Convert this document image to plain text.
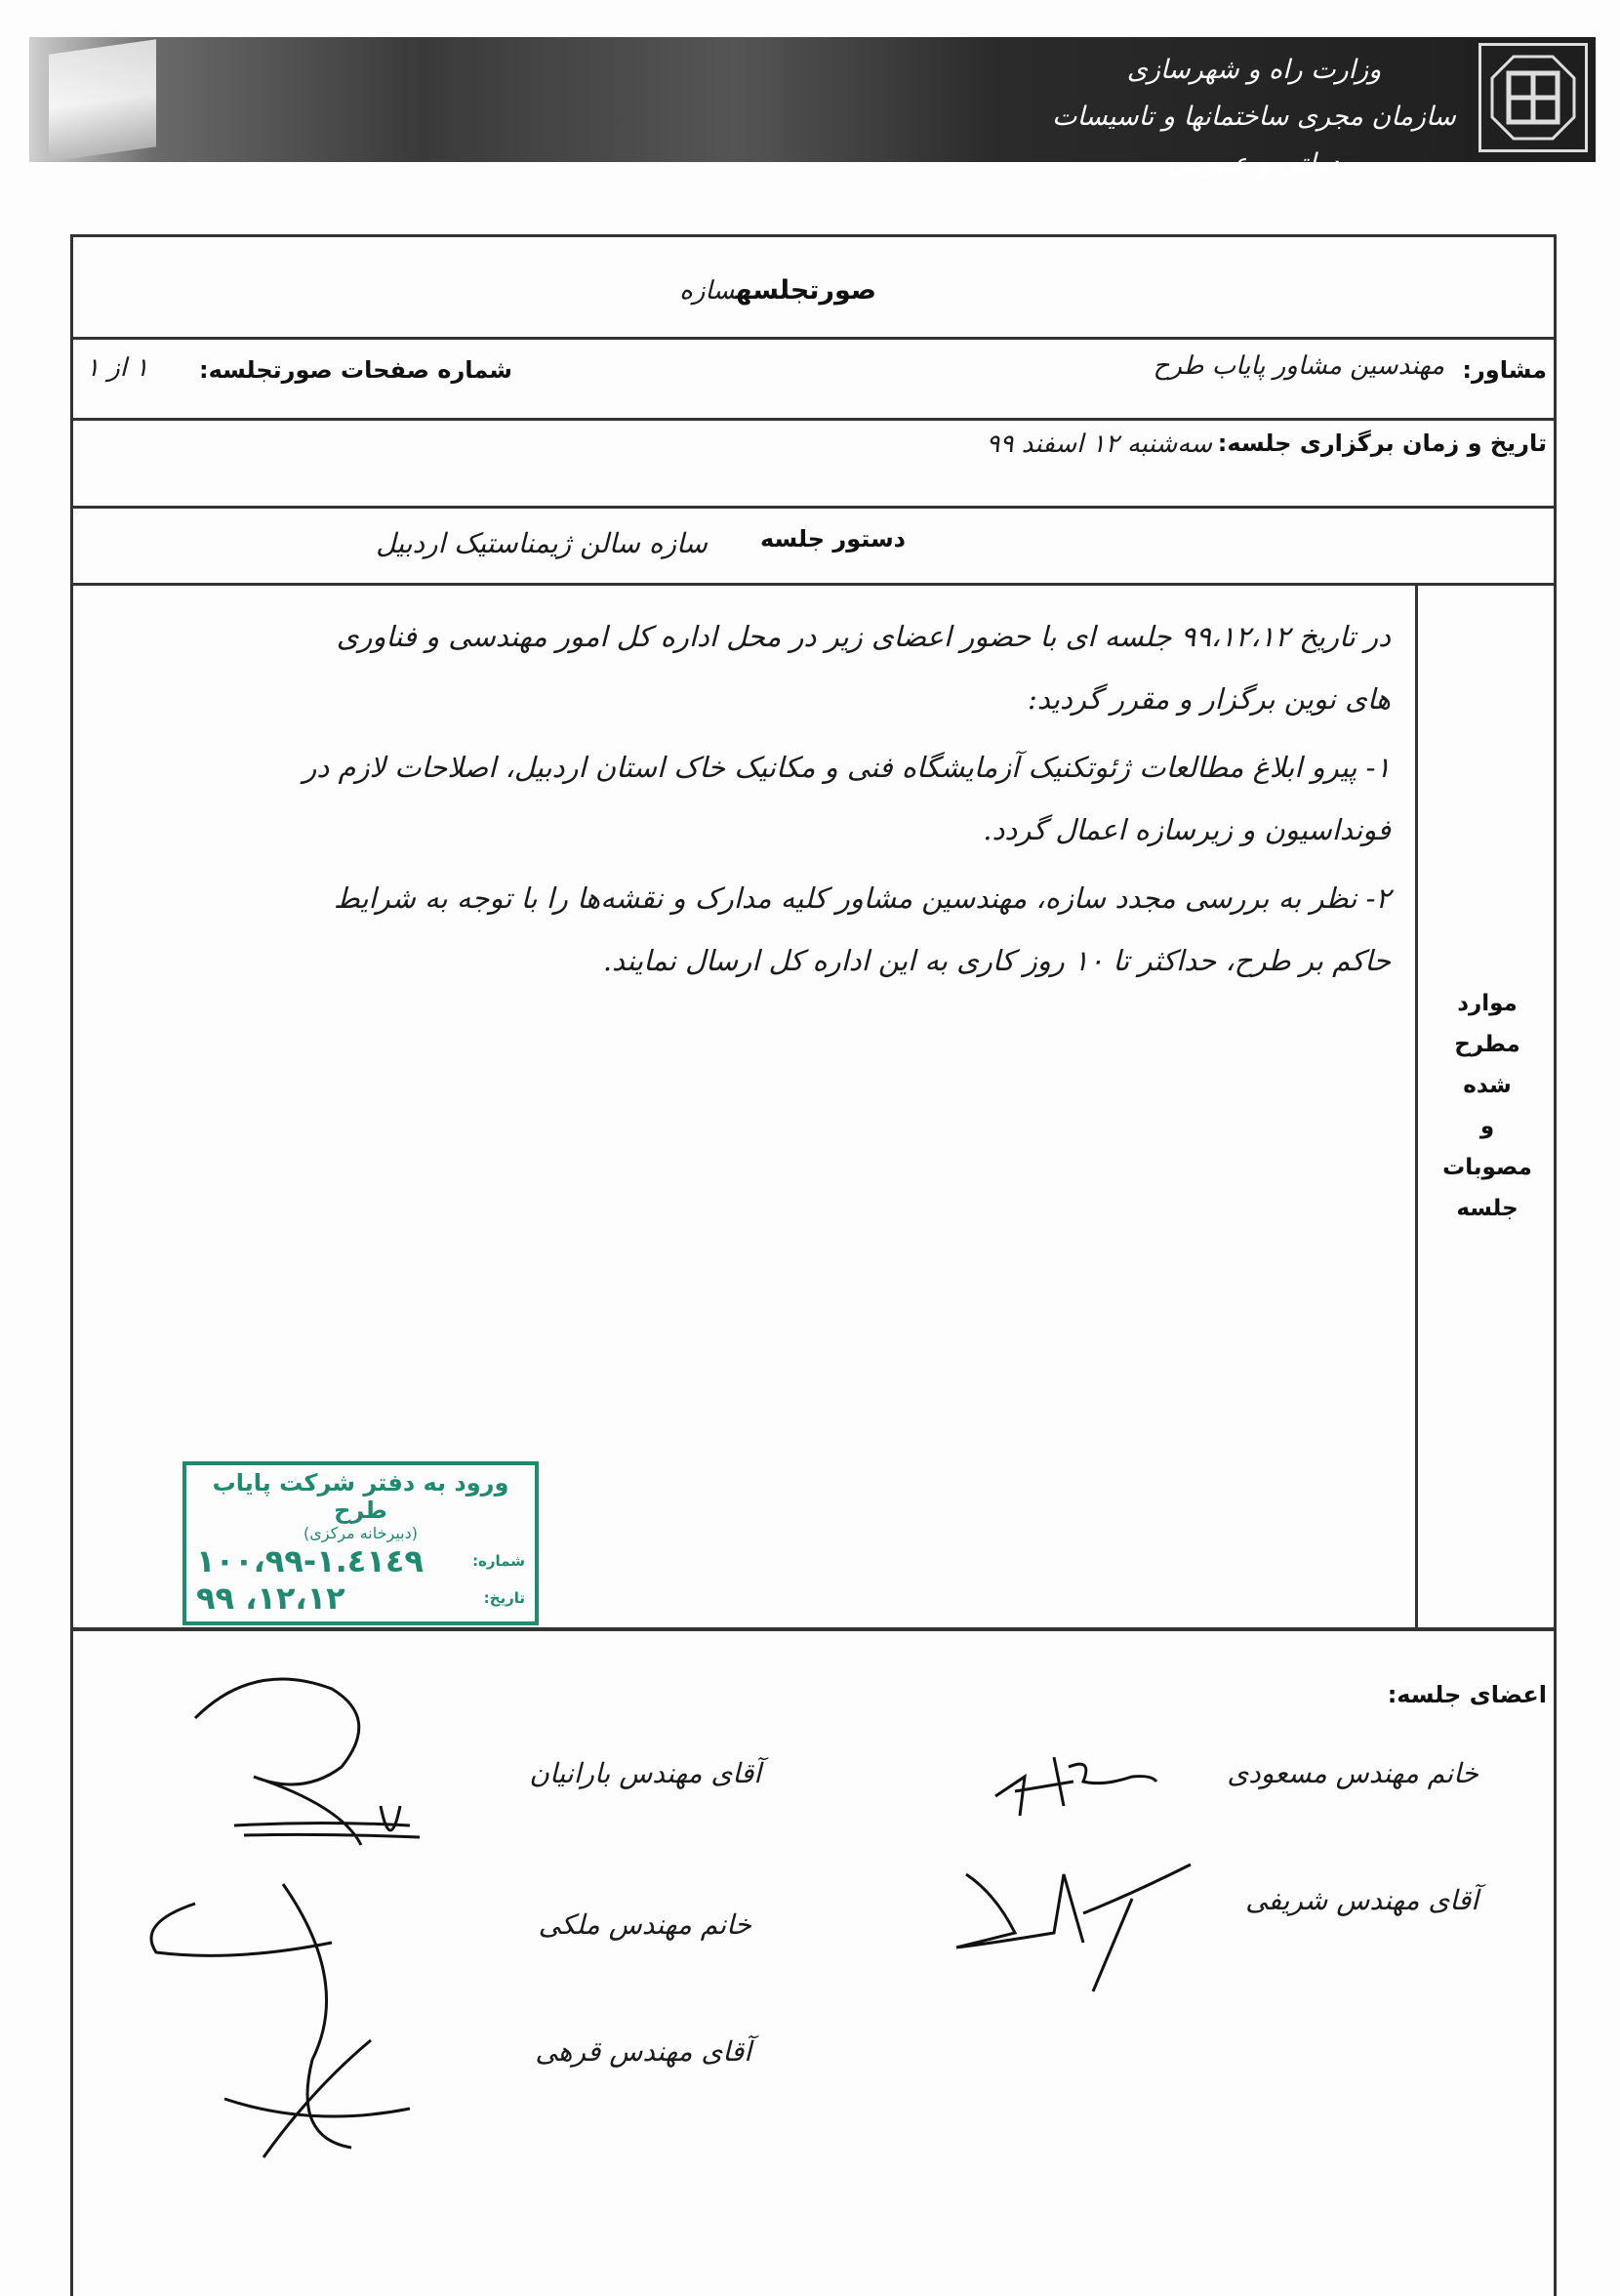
وزارت راه و شهرسازی
سازمان مجری ساختمانها و تاسیسات دولتی و عمومی
صورتجلسهسازه
مشاور:
مهندسین مشاور پایاب طرح
شماره صفحات صورتجلسه:
۱ از ۱
تاریخ و زمان برگزاری جلسه:
سه‌شنبه ۱۲ اسفند ۹۹
دستور جلسه
سازه سالن ژیمناستیک اردبیل

در تاریخ ۹۹،۱۲،۱۲ جلسه ای با حضور اعضای زیر در محل اداره کل امور مهندسی و فناوری های نوین برگزار و مقرر گردید:

۱- پیرو ابلاغ مطالعات ژئوتکنیک آزمایشگاه فنی و مکانیک خاک استان اردبیل، اصلاحات لازم در فونداسیون و زیرسازه اعمال گردد.

۲- نظر به بررسی مجدد سازه، مهندسین مشاور کلیه مدارک و نقشه‌ها را با توجه به شرایط حاکم بر طرح، حداکثر تا ۱۰ روز کاری به این اداره کل ارسال نمایند.

موارد
مطرح
شده
و
مصوبات
جلسه
ورود به دفتر شرکت پایاب طرح
(دبیرخانه مرکزی)
شماره:
۱۰۰،۹۹-۱.٤۱٤۹
تاریخ:
۹۹ ،۱۲،۱۲
اعضای جلسه:
خانم مهندس مسعودی
آقای مهندس شریفی
آقای مهندس بارانیان
خانم مهندس ملکی
آقای مهندس قرهی
